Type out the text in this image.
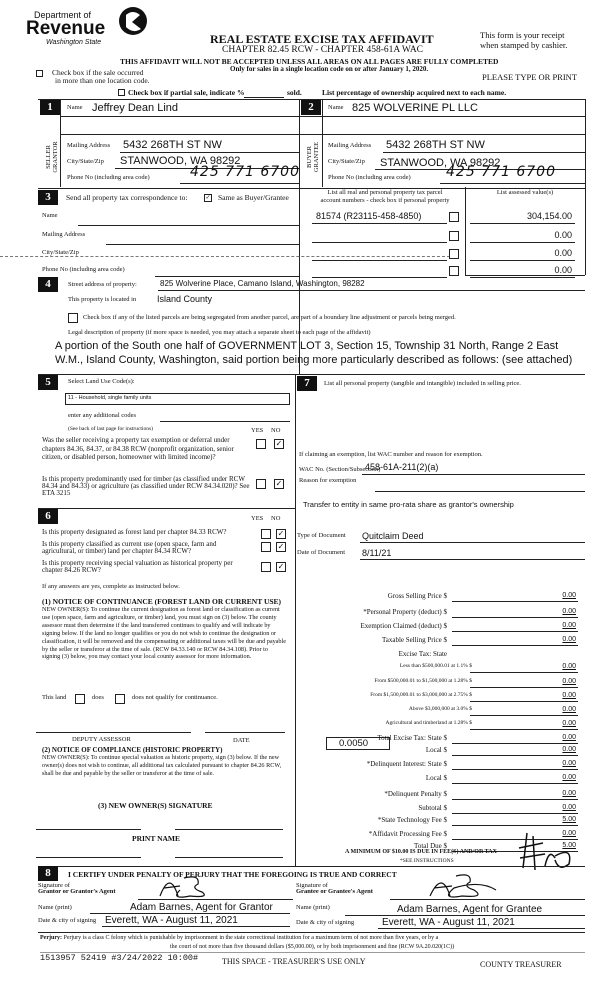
Department of
Revenue
Washington State	REAL ESTATE EXCISE TAX AFFIDAVIT
CHAPTER 82.45 RCW - CHAPTER 458-61A WAC
THIS AFFIDAVIT WILL NOT BE ACCEPTED UNLESS ALL AREAS ON ALL PAGES ARE FULLY COMPLETED
Only for sales in a single location code on or after January 1, 2020.
This form is your receipt
when stamped by cashier.
Check box if the sale occurred
in more than one location code.	PLEASE TYPE OR PRINT
Check box if partial sale, indicate %	sold.	List percentage of ownership acquired next to each name.
1	2
SELLER GRANTOR	BUYER GRANTEE
Name Jeffrey Dean Lind
Mailing Address 5432 268TH ST NW
City/State/Zip STANWOOD, WA 98292
Phone No (including area code)	425 771 6700
Name 825 WOLVERINE PL LLC
Mailing Address 5432 268TH ST NW
City/State/Zip STANWOOD, WA 98292
Phone No (including area code)	425 771 6700
3	Send all property tax correspondence to:	✓ Same as Buyer/Grantee
List all real and personal property tax parcel
account numbers - check box if personal property
List assessed value(s)
Name
Mailing Address
City/State/Zip
Phone No (including area code)
81574 (R23115-458-4850)	304,154.00
0.00
0.00
0.00
4	Street address of property:	825 Wolverine Place, Camano Island, Washington, 98282
This property is located in Island County
Check box if any of the listed parcels are being segregated from another parcel, are part of a boundary line adjustment or parcels being merged.
Legal description of property (if more space is needed, you may attach a separate sheet to each page of the affidavit)
A portion of the South one half of GOVERNMENT LOT 3, Section 15, Township 31 North, Range 2 East
W.M., Island County, Washington, said portion being more particularly described as follows: (see attached)
5	Select Land Use Code(s):
11 - Household, single family units
enter any additional codes
(See back of last page for instructions)	YES NO
Was the seller receiving a property tax exemption or deferral under chapters 84.36, 84.37, or 84.38 RCW (nonprofit organization, senior citizen, or disabled person, homeowner with limited income)?
✓
Is this property predominantly used for timber (as classified under RCW 84.34 and 84.33) or agriculture (as classified under RCW 84.34.020)? See ETA 3215
✓
6	YES NO
Is this property designated as forest land per chapter 84.33 RCW?	✓
Is this property classified as current use (open space, farm and agricultural, or timber) land per chapter 84.34 RCW?	✓
Is this property receiving special valuation as historical property per chapter 84.26 RCW?	✓
If any answers are yes, complete as instructed below.
(1) NOTICE OF CONTINUANCE (FOREST LAND OR CURRENT USE)
NEW OWNER(S): To continue the current designation as forest land or classification as current use (open space, farm and agriculture, or timber) land, you must sign on (3) below. The county assessor must then determine if the land transferred continues to qualify and will indicate by signing below. If the land no longer qualifies or you do not wish to continue the designation or classification, it will be removed and the compensating or additional taxes will be due and payable by the seller or transferor at the time of sale. (RCW 84.33.140 or RCW 84.34.108). Prior to signing (3) below, you may contact your local county assessor for more information.
This land	does	does not qualify for continuance.
DEPUTY ASSESSOR	DATE
(2) NOTICE OF COMPLIANCE (HISTORIC PROPERTY)
NEW OWNER(S): To continue special valuation as historic property, sign (3) below. If the new owner(s) does not wish to continue, all additional tax calculated pursuant to chapter 84.26 RCW, shall be due and payable by the seller or transferor at the time of sale.
(3) NEW OWNER(S) SIGNATURE
PRINT NAME
7	List all personal property (tangible and intangible) included in selling price.
If claiming an exemption, list WAC number and reason for exemption.
WAC No. (Section/Subsection)
458-61A-211(2)(a)
Reason for exemption
Transfer to entity in same pro-rata share as grantor's ownership
Type of Document Quitclaim Deed
Date of Document 8/11/21
0.0050
Gross Selling Price $	0.00
*Personal Property (deduct) $	0.00
Exemption Claimed (deduct) $	0.00
Taxable Selling Price $	0.00
Excise Tax: State
Less than $500,000.01 at 1.1% $	0.00
From $500,000.01 to $1,500,000 at 1.28% $	0.00
From $1,500,000.01 to $3,000,000 at 2.75% $	0.00
Above $3,000,000 at 3.0% $	0.00
Agricultural and timberland at 1.28% $	0.00
Total Excise Tax: State $	0.00
Local $	0.00
*Delinquent Interest: State $	0.00
Local $	0.00
*Delinquent Penalty $	0.00
Subtotal $	0.00
*State Technology Fee $	5.00
*Affidavit Processing Fee $	0.00
Total Due $	5.00
A MINIMUM OF $10.00 IS DUE IN FEE(S) AND/OR TAX
*SEE INSTRUCTIONS
8	I CERTIFY UNDER PENALTY OF PERJURY THAT THE FOREGOING IS TRUE AND CORRECT
Signature of
Grantor or Grantor's Agent
Name (print)	Adam Barnes, Agent for Grantor
Date & city of signing Everett, WA - August 11, 2021
Signature of
Grantee or Grantee's Agent
Name (print)	Adam Barnes, Agent for Grantee
Date & city of signing	Everett, WA - August 11, 2021
Perjury: Perjury is a class C felony which is punishable by imprisonment in the state correctional institution for a maximum term of not more than five years, or by a
the court of not more than five thousand dollars ($5,000.00), or by both imprisonment and fine (RCW 9A.20.020(1C))
1513957 52419 #3/24/2022 10:00#	THIS SPACE - TREASURER'S USE ONLY	COUNTY TREASURER
